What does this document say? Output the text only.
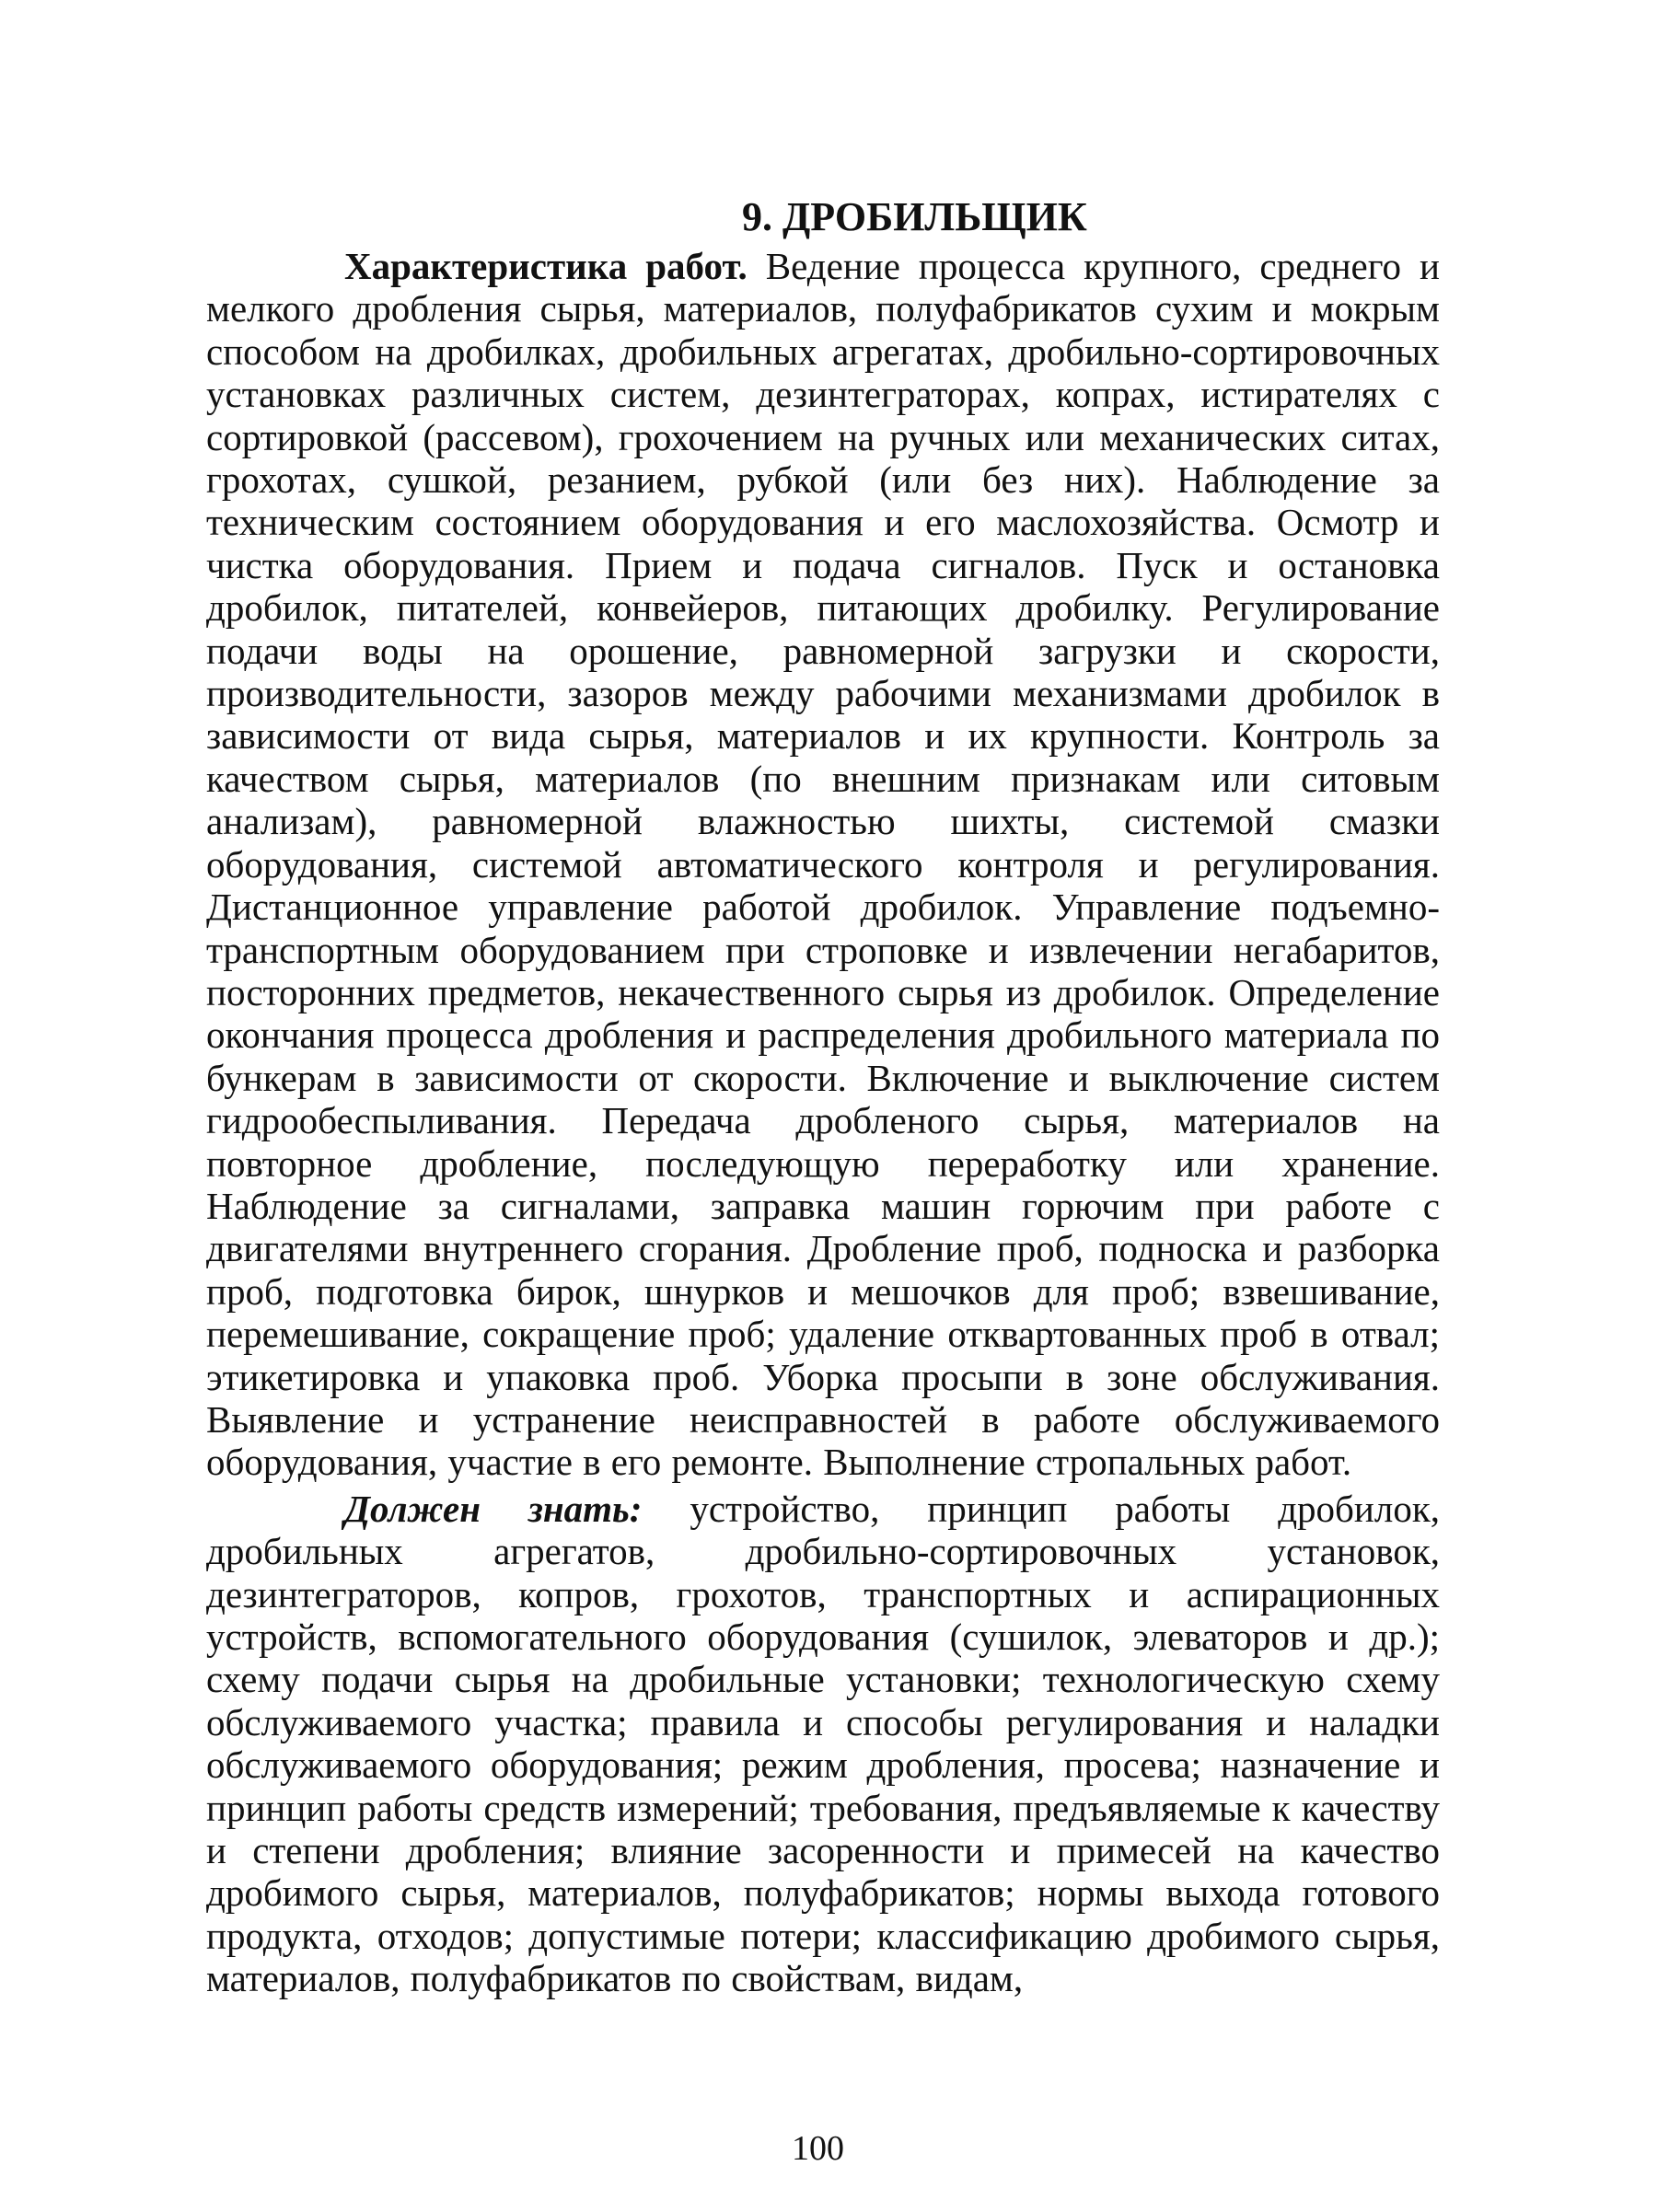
9. ДРОБИЛЬЩИК

Характеристика работ. Ведение процесса крупного, среднего и мелкого дробления сырья, материалов, полуфабрикатов сухим и мокрым способом на дробилках, дробильных агрегатах, дробильно-сортировочных установках различных систем, дезинтеграторах, копрах, истирателях с сортировкой (рассевом), грохочением на ручных или механических ситах, грохотах, сушкой, резанием, рубкой (или без них). Наблюдение за техническим состоянием оборудования и его маслохозяйства. Осмотр и чистка оборудования. Прием и подача сигналов. Пуск и остановка дробилок, питателей, конвейеров, питающих дробилку. Регулирование подачи воды на орошение, равномерной загрузки и скорости, производительности, зазоров между рабочими механизмами дробилок в зависимости от вида сырья, материалов и их крупности. Контроль за качеством сырья, материалов (по внешним признакам или ситовым анализам), равномерной влажностью шихты, системой смазки оборудования, системой автоматического контроля и регулирования. Дистанционное управление работой дробилок. Управление подъемно-транспортным оборудованием при строповке и извлечении негабаритов, посторонних предметов, некачественного сырья из дробилок. Определение окончания процесса дробления и распределения дробильного материала по бункерам в зависимости от скорости. Включение и выключение систем гидрообеспыливания. Передача дробленого сырья, материалов на повторное дробление, последующую переработку или хранение. Наблюдение за сигналами, заправка машин горючим при работе с двигателями внутреннего сгорания. Дробление проб, подноска и разборка проб, подготовка бирок, шнурков и мешочков для проб; взвешивание, перемешивание, сокращение проб; удаление отквартованных проб в отвал; этикетировка и упаковка проб. Уборка просыпи в зоне обслуживания. Выявление и устранение неисправностей в работе обслуживаемого оборудования, участие в его ремонте. Выполнение стропальных работ.

Должен знать: устройство, принцип работы дробилок, дробильных агрегатов, дробильно-сортировочных установок, дезинтеграторов, копров, грохотов, транспортных и аспирационных устройств, вспомогательного оборудования (сушилок, элеваторов и др.); схему подачи сырья на дробильные установки; технологическую схему обслуживаемого участка; правила и способы регулирования и наладки обслуживаемого оборудования; режим дробления, просева; назначение и принцип работы средств измерений; требования, предъявляемые к качеству и степени дробления; влияние засоренности и примесей на качество дробимого сырья, материалов, полуфабрикатов; нормы выхода готового продукта, отходов; допустимые потери; классификацию дробимого сырья, материалов, полуфабрикатов по свойствам, видам,

100
